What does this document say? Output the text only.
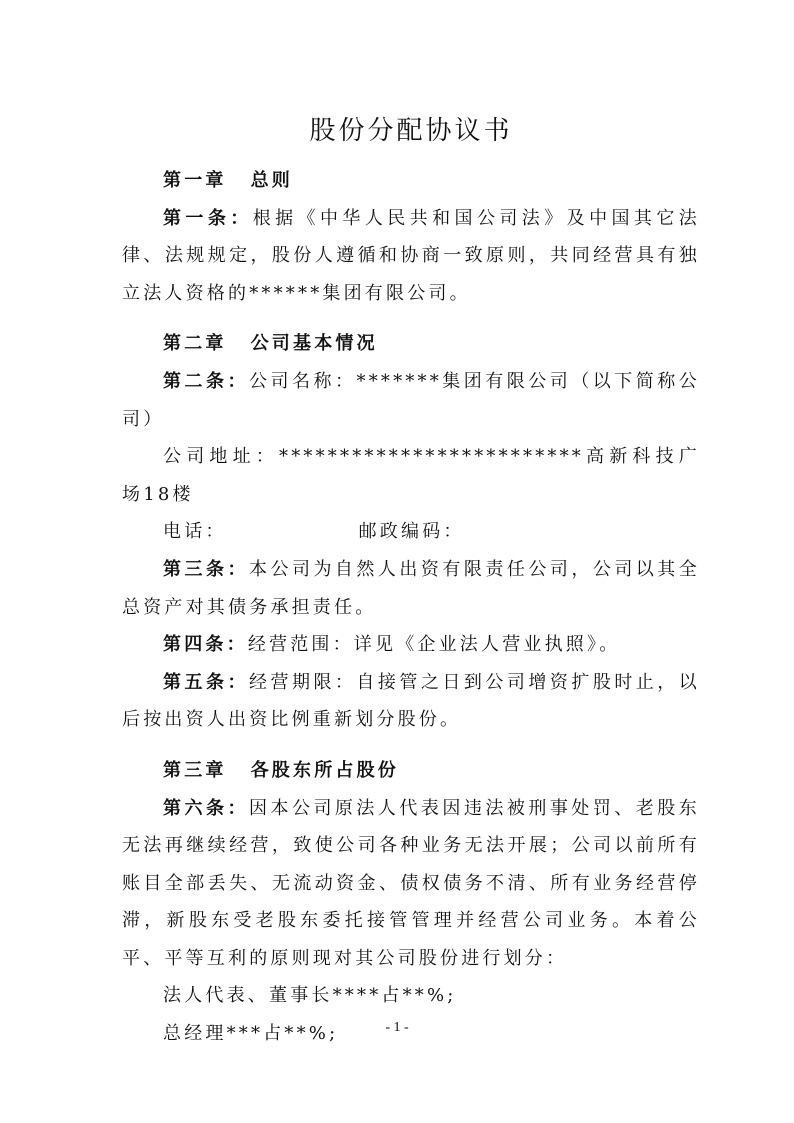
股份分配协议书

第一章 总则

第一条：根据《中华人民共和国公司法》及中国其它法律、法规规定，股份人遵循和协商一致原则，共同经营具有独立法人资格的******集团有限公司。

第二章 公司基本情况

第二条：公司名称：*******集团有限公司（以下简称公司）

公司地址：*************************高新科技广场18楼

电话：	邮政编码：

第三条：本公司为自然人出资有限责任公司，公司以其全总资产对其债务承担责任。

第四条：经营范围：详见《企业法人营业执照》。

第五条：经营期限：自接管之日到公司增资扩股时止，以后按出资人出资比例重新划分股份。

第三章 各股东所占股份

第六条：因本公司原法人代表因违法被刑事处罚、老股东无法再继续经营，致使公司各种业务无法开展；公司以前所有账目全部丢失、无流动资金、债权债务不清、所有业务经营停滞，新股东受老股东委托接管管理并经营公司业务。本着公平、平等互利的原则现对其公司股份进行划分：

法人代表、董事长****占**%;

总经理***占**%;	- 1 -
